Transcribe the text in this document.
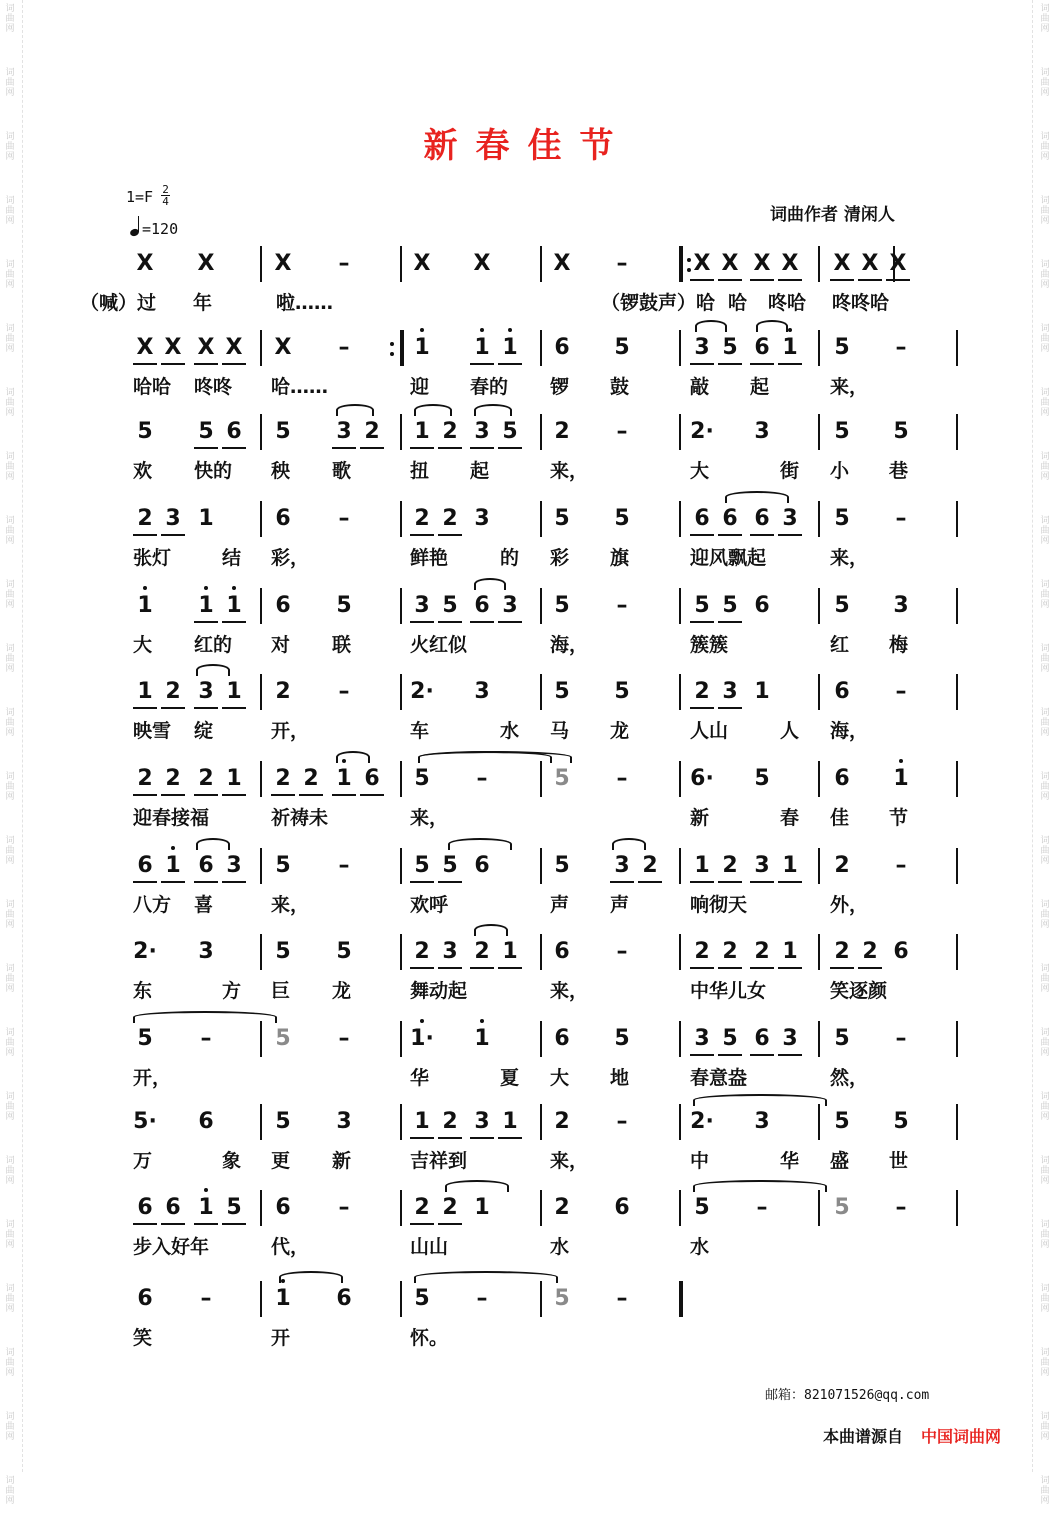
词曲网
词曲网
词曲网
词曲网
词曲网
词曲网
词曲网
词曲网
词曲网
词曲网
词曲网
词曲网
词曲网
词曲网
词曲网
词曲网
词曲网
词曲网
词曲网
词曲网
词曲网
词曲网
词曲网
词曲网
词曲网
词曲网
词曲网
词曲网
词曲网
词曲网
词曲网
词曲网
词曲网
词曲网
词曲网
词曲网
词曲网
词曲网
词曲网
词曲网
词曲网
词曲网
词曲网
词曲网
词曲网
词曲网
词曲网
词曲网
新春佳节
1=F 2
4
=120
词曲作者 清闲人
X X	X –	X X	X –	X X X X X X X
（喊）过 年	啦……	（锣鼓声）哈 哈 咚哈 咚咚哈
X X X X X –	1 1 1 6 5	3 5 6 1 5 –
哈哈 咚咚 哈……	迎 春的 锣 鼓	敲 起	来，
5 5 6 5 3 2 1 2 3 5 2 –	2· 3	5 5
欢 快的 秧 歌	扭 起	来，	大	街 小 巷
2 3 1	6 –	2 2 3	5 5	6 6 6 3 5 –
张灯	结 彩，	鲜艳	的 彩 旗	迎风飘起	来，
1 1 1 6 5	3 5 6 3 5 –	5 5 6	5 3
大 红的 对 联	火红似	海，	簇簇	红 梅
1 2 3 1 2 –	2· 3	5 5	2 3 1	6 –
映雪 绽	开，	车	水 马 龙	人山	人 海，
2 2 2 1 2 2 1 6 5 –	5 –	6· 5	6 1
迎春接福	祈祷未	来，	新	春 佳 节
6 1 6 3 5 –	5 5 6	5 3 2 1 2 3 1 2 –
八方 喜	来，	欢呼	声 声	响彻天	外，
2· 3	5 5	2 3 2 1 6 –	2 2 2 1 2 2 6
东	方 巨 龙	舞动起	来，	中华儿女	笑逐颜
5 –	5 –	1· 1	6 5	3 5 6 3 5 –
开，	华	夏 大 地	春意盎	然，
5· 6	5 3	1 2 3 1 2 –	2· 3	5 5
万	象 更 新	吉祥到	来，	中	华 盛 世
6 6 1 5 6 –	2 2 1	2 6	5 –	5 –
步入好年	代，	山山	水	水
6 –	1 6	5 –	5 –
笑	开	怀。
邮箱：821071526@qq.com
本曲谱源自 中国词曲网
